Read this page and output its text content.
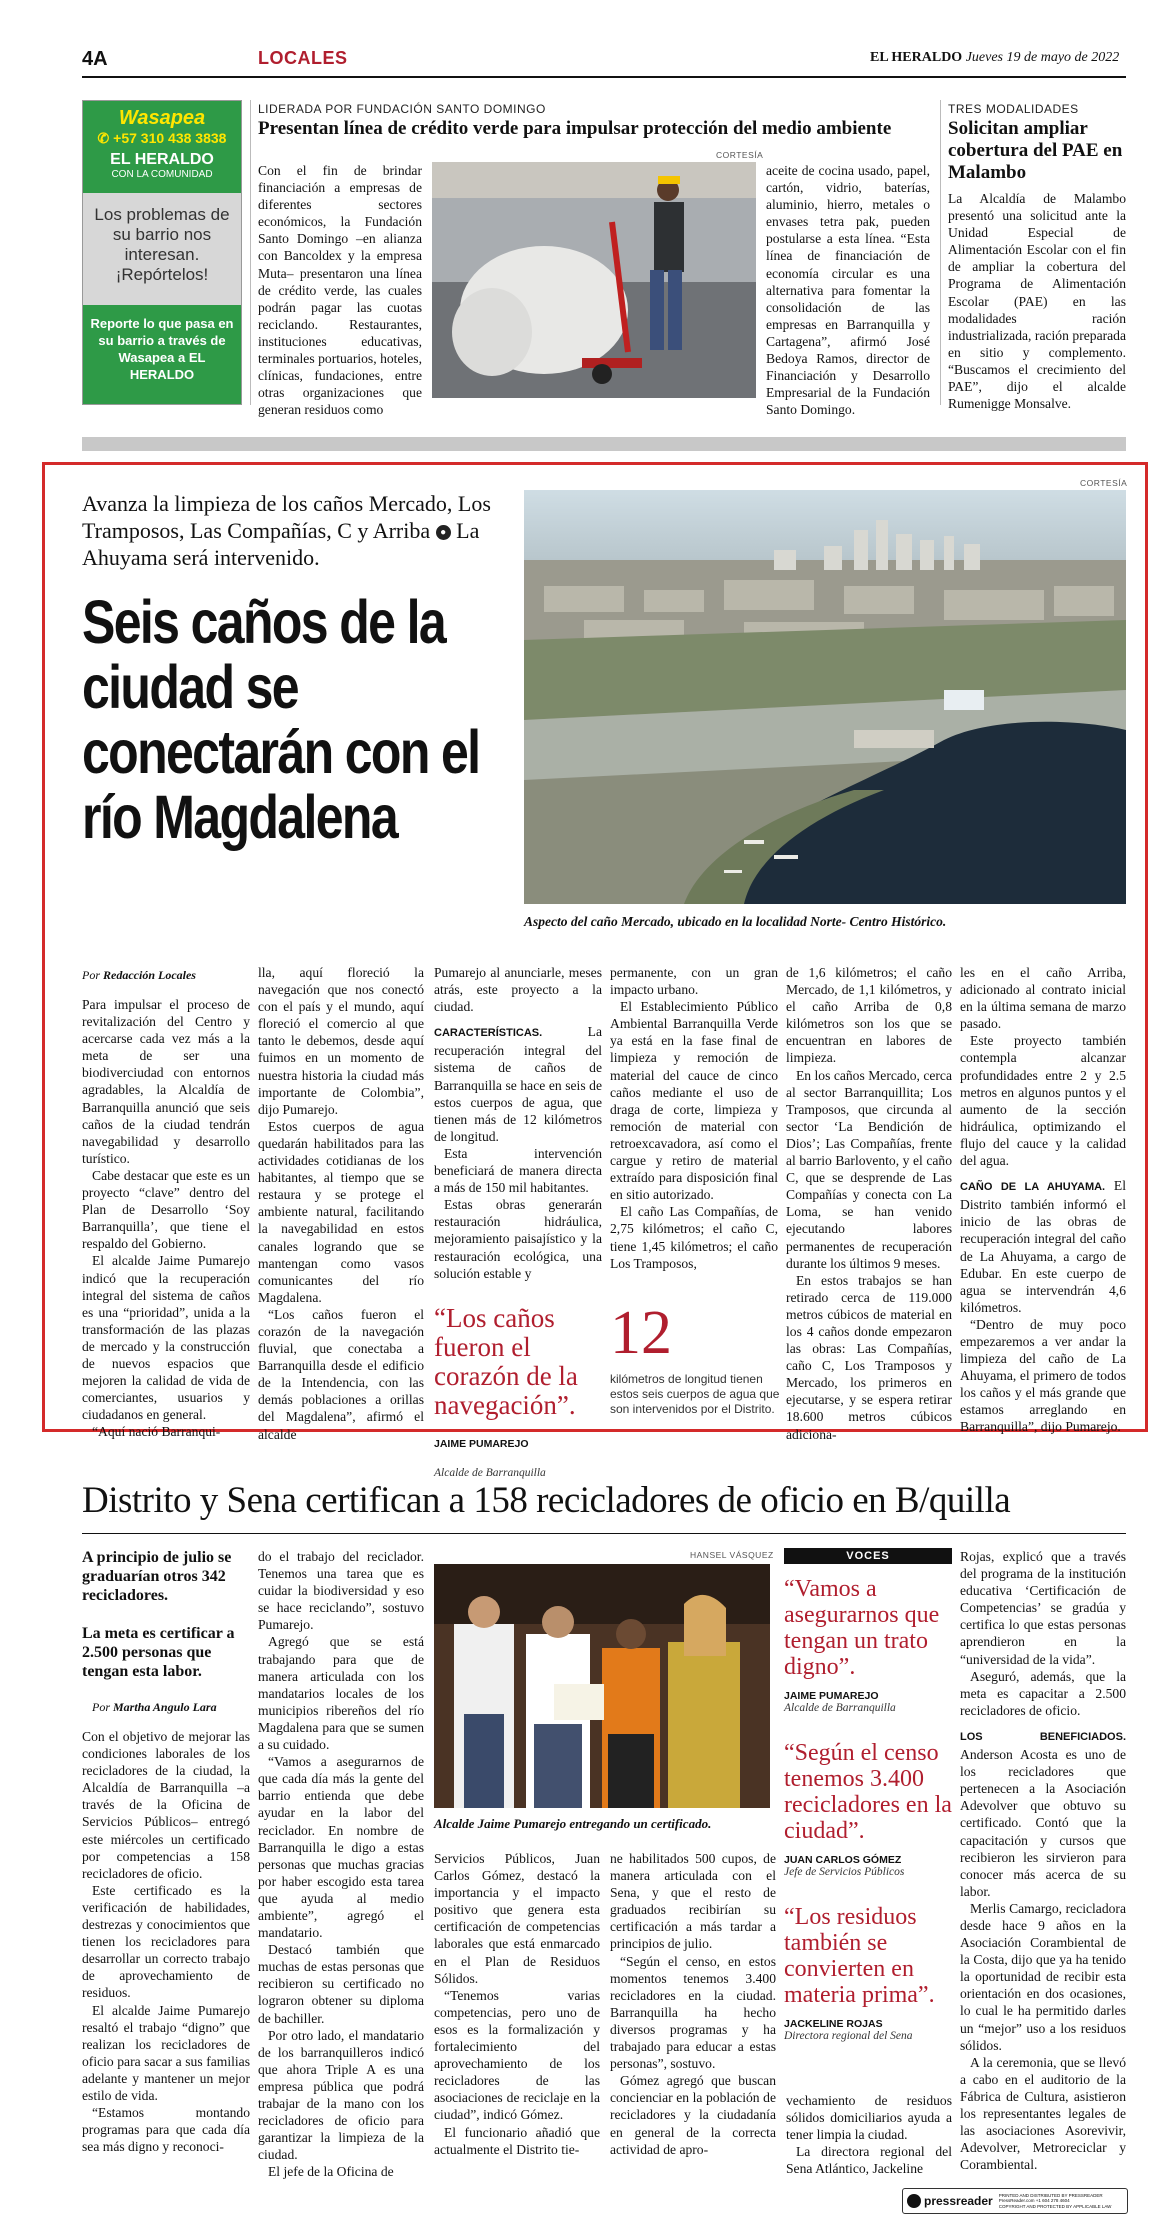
4A	LOCALES	EL HERALDO Jueves 19 de mayo de 2022
Wasapea
✆ +57 310 438 3838
EL HERALDO
CON LA COMUNIDAD
Los problemas de su barrio nos interesan. ¡Repórtelos!
Reporte lo que pasa en su barrio a través de Wasapea a EL HERALDO
LIDERADA POR FUNDACIÓN SANTO DOMINGO
Presentan línea de crédito verde para impulsar protección del medio ambiente
CORTESÍA

Con el fin de brindar financiación a empresas de diferentes sectores económicos, la Fundación Santo Domingo –en alianza con Bancoldex y la empresa Muta– presentaron una línea de crédito verde, las cuales podrán pagar las cuotas reciclando. Restaurantes, instituciones educativas, terminales portuarios, hoteles, clínicas, fundaciones, entre otras organizaciones que generan residuos como

aceite de cocina usado, papel, cartón, vidrio, baterías, aluminio, hierro, metales o envases tetra pak, pueden postularse a esta línea. “Esta línea de financiación de economía circular es una alternativa para fomentar la consolidación de las empresas en Barranquilla y Cartagena”, afirmó José Bedoya Ramos, director de Financiación y Desarrollo Empresarial de la Fundación Santo Domingo.

TRES MODALIDADES
Solicitan ampliar cobertura del PAE en Malambo

La Alcaldía de Malambo presentó una solicitud ante la Unidad Especial de Alimentación Escolar con el fin de ampliar la cobertura del Programa de Alimentación Escolar (PAE) en las modalidades ración industrializada, ración preparada en sitio y complemento. “Buscamos el crecimiento del PAE”, dijo el alcalde Rumenigge Monsalve.

Avanza la limpieza de los caños Mercado, Los Tramposos, Las Compañías, C y Arriba ● La Ahuyama será intervenido.
Seis caños de la ciudad se conectarán con el río Magdalena
CORTESÍA
Aspecto del caño Mercado, ubicado en la localidad Norte- Centro Histórico.
Por Redacción Locales

Para impulsar el proceso de revitalización del Centro y acercarse cada vez más a la meta de ser una biodiverciudad con entornos agradables, la Alcaldía de Barranquilla anunció que seis caños de la ciudad tendrán navegabilidad y desarrollo turístico.

Cabe destacar que este es un proyecto “clave” dentro del Plan de Desarrollo ‘Soy Barranquilla’, que tiene el respaldo del Gobierno.

El alcalde Jaime Pumarejo indicó que la recuperación integral del sistema de caños es una “prioridad”, unida a la transformación de las plazas de mercado y la construcción de nuevos espacios que mejoren la calidad de vida de comerciantes, usuarios y ciudadanos en general.

“Aquí nació Barranqui-

lla, aquí floreció la navegación que nos conectó con el país y el mundo, aquí floreció el comercio al que tanto le debemos, desde aquí fuimos en un momento de nuestra historia la ciudad más importante de Colombia”, dijo Pumarejo.

Estos cuerpos de agua quedarán habilitados para las actividades cotidianas de los habitantes, al tiempo que se restaura y se protege el ambiente natural, facilitando la navegabilidad en estos canales logrando que se mantengan como vasos comunicantes del río Magdalena.

“Los caños fueron el corazón de la navegación fluvial, que conectaba a Barranquilla desde el edificio de la Intendencia, con las demás poblaciones a orillas del Magdalena”, afirmó el alcalde

Pumarejo al anunciarle, meses atrás, este proyecto a la ciudad.

CARACTERÍSTICAS.	La recuperación integral del sistema de caños de Barranquilla se hace en seis de estos cuerpos de agua, que tienen más de 12 kilómetros de longitud.

Esta intervención beneficiará de manera directa a más de 150 mil habitantes.

Estas obras generarán restauración hidráulica, mejoramiento paisajístico y la restauración ecológica, una solución estable y

permanente, con un gran impacto urbano.

El Establecimiento Público Ambiental Barranquilla Verde ya está en la fase final de limpieza y remoción de material del cauce de cinco caños mediante el uso de draga de corte, limpieza y remoción de material con retroexcavadora, así como el cargue y retiro de material extraído para disposición final en sitio autorizado.

El caño Las Compañías, de 2,75 kilómetros; el caño C, tiene 1,45 kilómetros; el caño Los Tramposos,

de 1,6 kilómetros; el caño Mercado, de 1,1 kilómetros, y el caño Arriba de 0,8 kilómetros son los que se encuentran en labores de limpieza.

En los caños Mercado, cerca al sector Barranquillita; Los Tramposos, que circunda al sector ‘La Bendición de Dios’; Las Compañías, frente al barrio Barlovento, y el caño C, que se desprende de Las Compañías y conecta con La Loma, se han venido ejecutando labores permanentes de recuperación durante los últimos 9 meses.

En estos trabajos se han retirado cerca de 119.000 metros cúbicos de material en los 4 caños donde empezaron las obras: Las Compañías, caño C, Los Tramposos y Mercado, los primeros en ejecutarse, y se espera retirar 18.600 metros cúbicos adiciona-

les en el caño Arriba, adicionado al contrato inicial en la última semana de marzo pasado.

Este proyecto también contempla alcanzar profundidades entre 2 y 2.5 metros en algunos puntos y el aumento de la sección hidráulica, optimizando el flujo del cauce y la calidad del agua.

CAÑO DE LA AHUYAMA. El Distrito también informó el inicio de las obras de recuperación integral del caño de La Ahuyama, a cargo de Edubar. En este cuerpo de agua se intervendrán 4,6 kilómetros.

“Dentro de muy poco empezaremos a ver andar la limpieza del caño de La Ahuyama, el primero de todos los caños y el más grande que estamos arreglando en Barranquilla”, dijo Pumarejo.

“Los caños fueron el corazón de la navegación”.
JAIME PUMAREJO
Alcalde de Barranquilla
12
kilómetros de longitud tienen estos seis cuerpos de agua que son intervenidos por el Distrito.
Distrito y Sena certifican a 158 recicladores de oficio en B/quilla
A principio de julio se graduarían otros 342 recicladores.
La meta es certificar a 2.500 personas que tengan esta labor.
Por Martha Angulo Lara

Con el objetivo de mejorar las condiciones laborales de los recicladores de la ciudad, la Alcaldía de Barranquilla –a través de la Oficina de Servicios Públicos– entregó este miércoles un certificado por competencias a 158 recicladores de oficio.

Este certificado es la verificación de habilidades, destrezas y conocimientos que tienen los recicladores para desarrollar un correcto trabajo de aprovechamiento de residuos.

El alcalde Jaime Pumarejo resaltó el trabajo “digno” que realizan los recicladores de oficio para sacar a sus familias adelante y mantener un mejor estilo de vida.

“Estamos montando programas para que cada día sea más digno y reconoci-

do el trabajo del reciclador. Tenemos una tarea que es cuidar la biodiversidad y eso se hace reciclando”, sostuvo Pumarejo.

Agregó que se está trabajando para que de manera articulada con los mandatarios locales de los municipios ribereños del río Magdalena para que se sumen a su cuidado.

“Vamos a asegurarnos de que cada día más la gente del barrio entienda que debe ayudar en la labor del reciclador. En nombre de Barranquilla le digo a estas personas que muchas gracias por haber escogido esta tarea que ayuda al medio ambiente”, agregó el mandatario.

Destacó también que muchas de estas personas que recibieron su certificado no lograron obtener su diploma de bachiller.

Por otro lado, el mandatario de los barranquilleros indicó que ahora Triple A es una empresa pública que podrá trabajar de la mano con los recicladores de oficio para garantizar la limpieza de la ciudad.

El jefe de la Oficina de

HANSEL VÁSQUEZ
Alcalde Jaime Pumarejo entregando un certificado.

Servicios Públicos, Juan Carlos Gómez, destacó la importancia y el impacto positivo que genera esta certificación de competencias laborales que está enmarcado en el Plan de Residuos Sólidos.

“Tenemos varias competencias, pero uno de esos es la formalización y fortalecimiento del aprovechamiento de los recicladores de las asociaciones de reciclaje en la ciudad”, indicó Gómez.

El funcionario añadió que actualmente el Distrito tie-

ne habilitados 500 cupos, de manera articulada con el Sena, y que el resto de graduados recibirían su certificación a más tardar a principios de julio.

“Según el censo, en estos momentos tenemos 3.400 recicladores en la ciudad. Barranquilla ha hecho diversos programas y ha trabajado para educar a estas personas”, sostuvo.

Gómez agregó que buscan concienciar en la población de recicladores y la ciudadanía en general de la correcta actividad de apro-

VOCES
“Vamos a asegurarnos que tengan un trato digno”.
JAIME PUMAREJO
Alcalde de Barranquilla
“Según el censo tenemos 3.400 recicladores en la ciudad”.
JUAN CARLOS GÓMEZ
Jefe de Servicios Públicos
“Los residuos también se convierten en materia prima”.
JACKELINE ROJAS
Directora regional del Sena

vechamiento de residuos sólidos domiciliarios ayuda a tener limpia la ciudad.

La directora regional del Sena Atlántico, Jackeline

Rojas, explicó que a través del programa de la institución educativa ‘Certificación de Competencias’ se gradúa y certifica lo que estas personas aprendieron en la “universidad de la vida”.

Aseguró, además, que la meta es capacitar a 2.500 recicladores de oficio.

LOS BENEFICIADOS. Anderson Acosta es uno de los recicladores que pertenecen a la Asociación Adevolver que obtuvo su certificado. Contó que la capacitación y cursos que recibieron les sirvieron para conocer más acerca de su labor.

Merlis Camargo, recicladora desde hace 9 años en la Asociación Corambiental de la Costa, dijo que ya ha tenido la oportunidad de recibir esta orientación en dos ocasiones, lo cual le ha permitido darles un “mejor” uso a los residuos sólidos.

A la ceremonia, que se llevó a cabo en el auditorio de la Fábrica de Cultura, asistieron los representantes legales de las asociaciones Asorevivir, Adevolver, Metroreciclar y Corambiental.

pressreader PRINTED AND DISTRIBUTED BY PRESSREADER
PressReader.com +1 604 278 4604
COPYRIGHT AND PROTECTED BY APPLICABLE LAW
